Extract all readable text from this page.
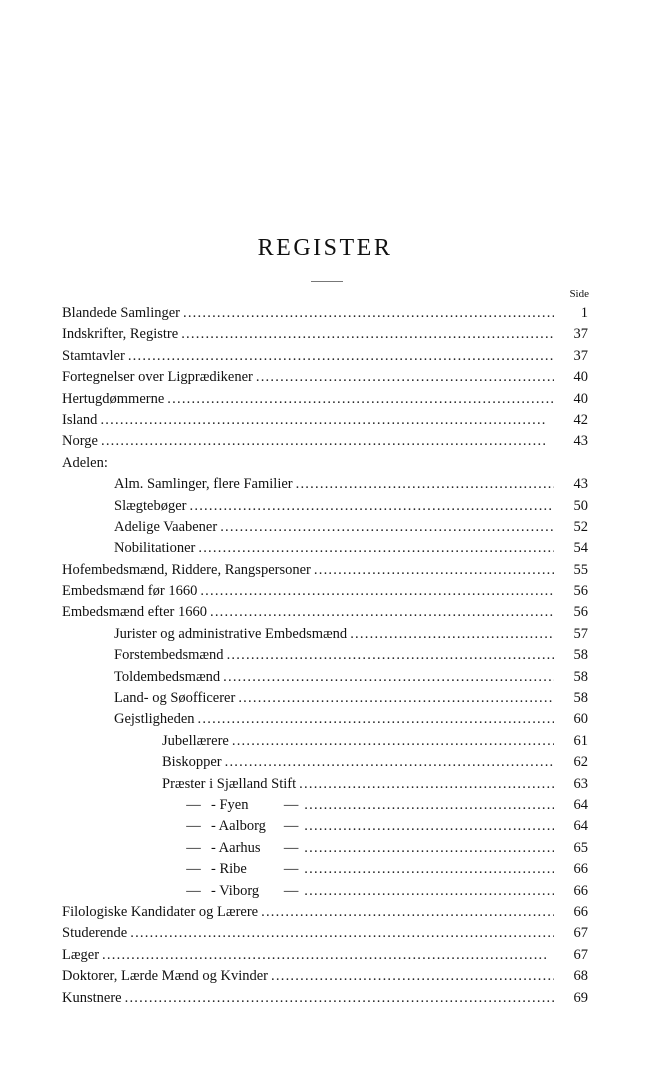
REGISTER
Side
Blandede Samlinger . . .	1
Indskrifter, Registre . . .	37
Stamtavler . . .	37
Fortegnelser over Ligprædikener . . .	40
Hertugdømmerne . . .	40
Island . . .	42
Norge . . .	43
Adelen:
Alm. Samlinger, flere Familier . . .	43
Slægtebøger . . .	50
Adelige Vaabener . . .	52
Nobilitationer . . .	54
Hofembedsmænd, Riddere, Rangspersoner . . .	55
Embedsmænd før 1660 . . .	56
Embedsmænd efter 1660 . . .	56
Jurister og administrative Embedsmænd . . .	57
Forstembedsmænd . . .	58
Toldembedsmænd . . .	58
Land- og Søofficerer . . .	58
Gejstligheden . . .	60
Jubellærere . . .	61
Biskopper . . .	62
Præster i Sjælland Stift . . .	63
— - Fyen	— . . .	64
— - Aalborg	— . . .	64
— - Aarhus	— . . .	65
— - Ribe	— . . .	66
— - Viborg	— . . .	66
Filologiske Kandidater og Lærere . . .	66
Studerende . . .	67
Læger . . .	67
Doktorer, Lærde Mænd og Kvinder . . .	68
Kunstnere . . .	69
